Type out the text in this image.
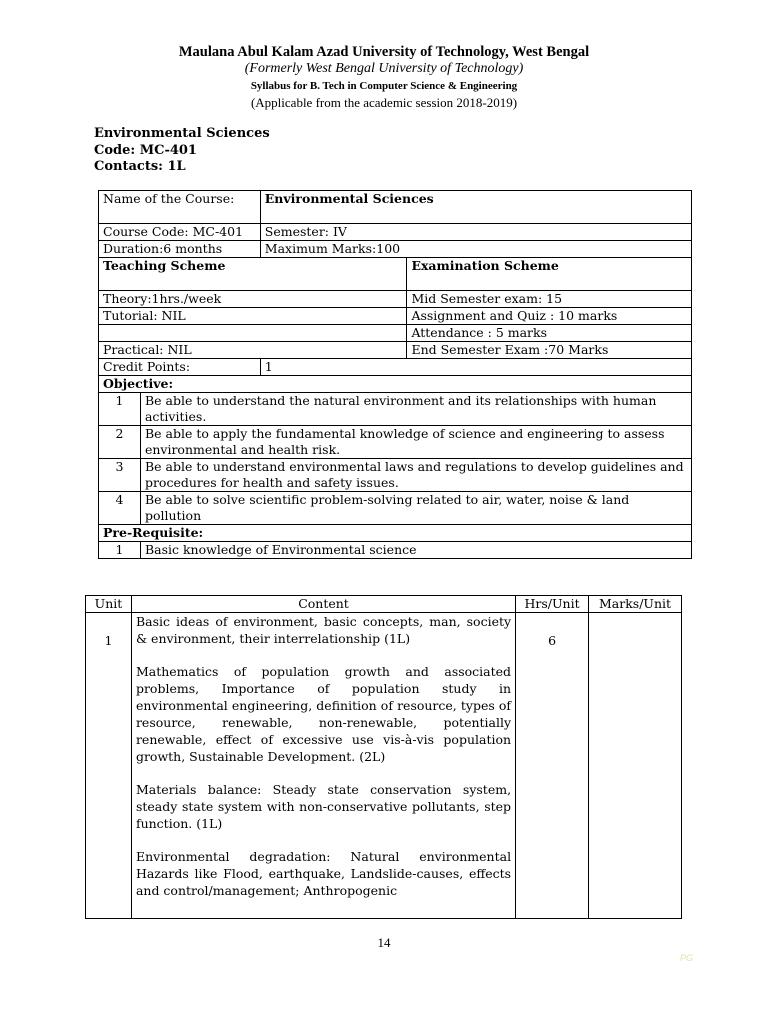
Maulana Abul Kalam Azad University of Technology, West Bengal
(Formerly West Bengal University of Technology)
Syllabus for B. Tech in Computer Science & Engineering
(Applicable from the academic session 2018-2019)
Environmental Sciences
Code: MC-401
Contacts: 1L
Name of the Course:		Environmental Sciences	
Course Code: MC-401		Semester: IV	
Duration:6 months		Maximum Marks:100	
Teaching Scheme			Examination Scheme
Theory:1hrs./week			Mid Semester exam: 15
Tutorial: NIL			Assignment and Quiz : 10 marks
			Attendance : 5 marks
Practical: NIL			End Semester Exam :70 Marks
Credit Points:		1	
Objective:			
1	Be able to understand the natural environment and its relationships with human activities.		
2	Be able to apply the fundamental knowledge of science and engineering to assess environmental and health risk.		
3	Be able to understand environmental laws and regulations to develop guidelines and procedures for health and safety issues.		
4	Be able to solve scientific problem-solving related to air, water, noise & land pollution		
Pre-Requisite:			
1	Basic knowledge of Environmental science		
Unit	Content	Hrs/Unit	Marks/Unit
1	Basic ideas of environment, basic concepts, man, society & environment, their interrelationship (1L)

Mathematics of population growth and associated problems, Importance of population study in environmental engineering, definition of resource, types of resource, renewable, non-renewable, potentially renewable, effect of excessive use vis-à-vis population growth, Sustainable Development. (2L)

Materials balance: Steady state conservation system, steady state system with non-conservative pollutants, step function. (1L)

Environmental degradation: Natural environmental Hazards like Flood, earthquake, Landslide-causes, effects and control/management; Anthropogenic	6	
14
PG
